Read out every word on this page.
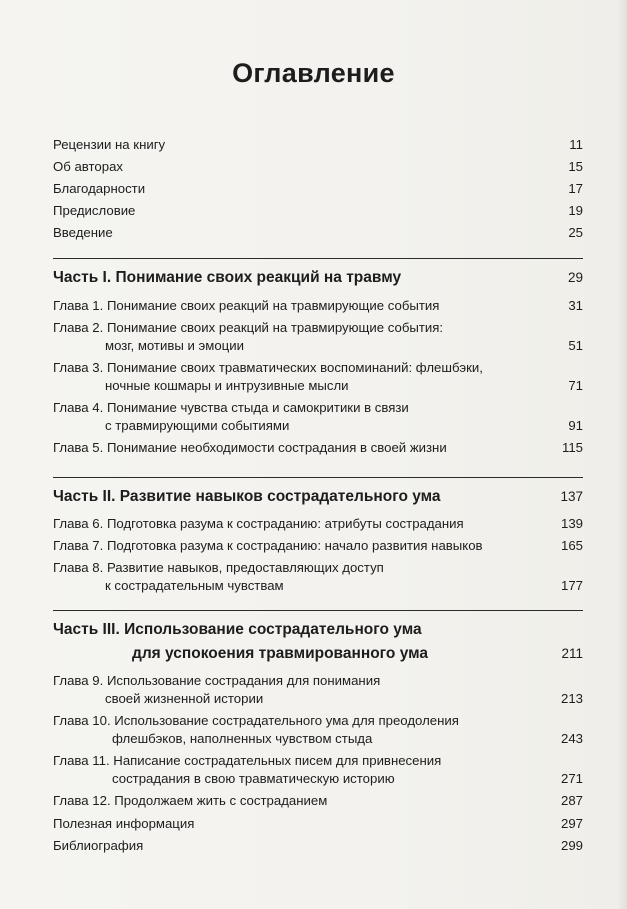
Оглавление
Рецензии на книгу	11
Об авторах	15
Благодарности	17
Предисловие	19
Введение	25
Часть I. Понимание своих реакций на травму	29
Глава 1. Понимание своих реакций на травмирующие события	31
Глава 2. Понимание своих реакций на травмирующие события:
мозг, мотивы и эмоции	51
Глава 3. Понимание своих травматических воспоминаний: флешбэки,
ночные кошмары и интрузивные мысли	71
Глава 4. Понимание чувства стыда и самокритики в связи
с травмирующими событиями	91
Глава 5. Понимание необходимости сострадания в своей жизни	115
Часть II. Развитие навыков сострадательного ума	137
Глава 6. Подготовка разума к состраданию: атрибуты сострадания	139
Глава 7. Подготовка разума к состраданию: начало развития навыков	165
Глава 8. Развитие навыков, предоставляющих доступ
к сострадательным чувствам	177
Часть III. Использование сострадательного ума
для успокоения травмированного ума	211
Глава 9. Использование сострадания для понимания
своей жизненной истории	213
Глава 10. Использование сострадательного ума для преодоления
флешбэков, наполненных чувством стыда	243
Глава 11. Написание сострадательных писем для привнесения
сострадания в свою травматическую историю	271
Глава 12. Продолжаем жить с состраданием	287
Полезная информация	297
Библиография	299
